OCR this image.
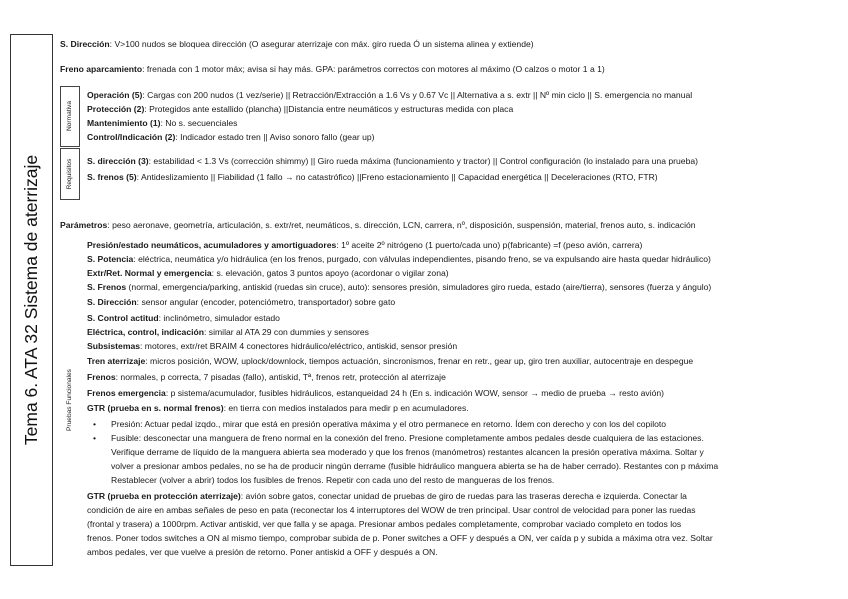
Tema 6. ATA 32 Sistema de aterrizaje
Normativa
Requisitos
Pruebas Funcionales
S. Dirección: V>100 nudos se bloquea dirección (O asegurar aterrizaje con máx. giro rueda Ó un sistema alinea y extiende)
Freno aparcamiento: frenada con 1 motor máx; avisa si hay más. GPA: parámetros correctos con motores al máximo (O calzos o motor 1 a 1)
Operación (5): Cargas con 200 nudos (1 vez/serie) || Retracción/Extracción a 1.6 Vs y 0.67 Vc || Alternativa a s. extr || Nº min ciclo || S. emergencia no manual
Protección (2): Protegidos ante estallido (plancha) ||Distancia entre neumáticos y estructuras medida con placa
Mantenimiento (1): No s. secuenciales
Control/Indicación (2): Indicador estado tren || Aviso sonoro fallo (gear up)
S. dirección (3): estabilidad < 1.3 Vs (corrección shimmy) || Giro rueda máxima (funcionamiento y tractor) || Control configuración (lo instalado para una prueba)
S. frenos (5): Antideslizamiento || Fiabilidad (1 fallo → no catastrófico) ||Freno estacionamiento || Capacidad energética || Deceleraciones (RTO, FTR)
Parámetros: peso aeronave, geometría, articulación, s. extr/ret, neumáticos, s. dirección, LCN, carrera, nº, disposición, suspensión, material, frenos auto, s. indicación
Presión/estado neumáticos, acumuladores y amortiguadores: 1º aceite 2º nitrógeno (1 puerto/cada uno) p(fabricante) =f (peso avión, carrera)
S. Potencia: eléctrica, neumática y/o hidráulica (en los frenos, purgado, con válvulas independientes, pisando freno, se va expulsando aire hasta quedar hidráulico)
Extr/Ret. Normal y emergencia: s. elevación, gatos 3 puntos apoyo (acordonar o vigilar zona)
S. Frenos (normal, emergencia/parking, antiskid (ruedas sin cruce), auto): sensores presión, simuladores giro rueda, estado (aire/tierra), sensores (fuerza y ángulo)
S. Dirección: sensor angular (encoder, potenciómetro, transportador) sobre gato
S. Control actitud: inclinómetro, simulador estado
Eléctrica, control, indicación: similar al ATA 29 con dummies y sensores
Subsistemas: motores, extr/ret BRAIM 4 conectores hidráulico/eléctrico, antiskid, sensor presión
Tren aterrizaje: micros posición, WOW, uplock/downlock, tiempos actuación, sincronismos, frenar en retr., gear up, giro tren auxiliar, autocentraje en despegue
Frenos: normales, p correcta, 7 pisadas (fallo), antiskid, Tª, frenos retr, protección al aterrizaje
Frenos emergencia: p sistema/acumulador, fusibles hidráulicos, estanqueidad 24 h (En s. indicación WOW, sensor → medio de prueba → resto avión)
GTR (prueba en s. normal frenos): en tierra con medios instalados para medir p en acumuladores.
•	Presión: Actuar pedal izqdo., mirar que está en presión operativa máxima y el otro permanece en retorno. Ídem con derecho y con los del copiloto
•	Fusible: desconectar una manguera de freno normal en la conexión del freno. Presione completamente ambos pedales desde cualquiera de las estaciones.
Verifique derrame de líquido de la manguera abierta sea moderado y que los frenos (manómetros) restantes alcancen la presión operativa máxima. Soltar y
volver a presionar ambos pedales, no se ha de producir ningún derrame (fusible hidráulico manguera abierta se ha de haber cerrado). Restantes con p máxima
Restablecer (volver a abrir) todos los fusibles de frenos. Repetir con cada uno del resto de mangueras de los frenos.
GTR (prueba en protección aterrizaje): avión sobre gatos, conectar unidad de pruebas de giro de ruedas para las traseras derecha e izquierda. Conectar la
condición de aire en ambas señales de peso en pata (reconectar los 4 interruptores del WOW de tren principal. Usar control de velocidad para poner las ruedas
(frontal y trasera) a 1000rpm. Activar antiskid, ver que falla y se apaga. Presionar ambos pedales completamente, comprobar vaciado completo en todos los
frenos. Poner todos switches a ON al mismo tiempo, comprobar subida de p. Poner switches a OFF y después a ON, ver caída p y subida a máxima otra vez. Soltar
ambos pedales, ver que vuelve a presión de retorno. Poner antiskid a OFF y después a ON.
